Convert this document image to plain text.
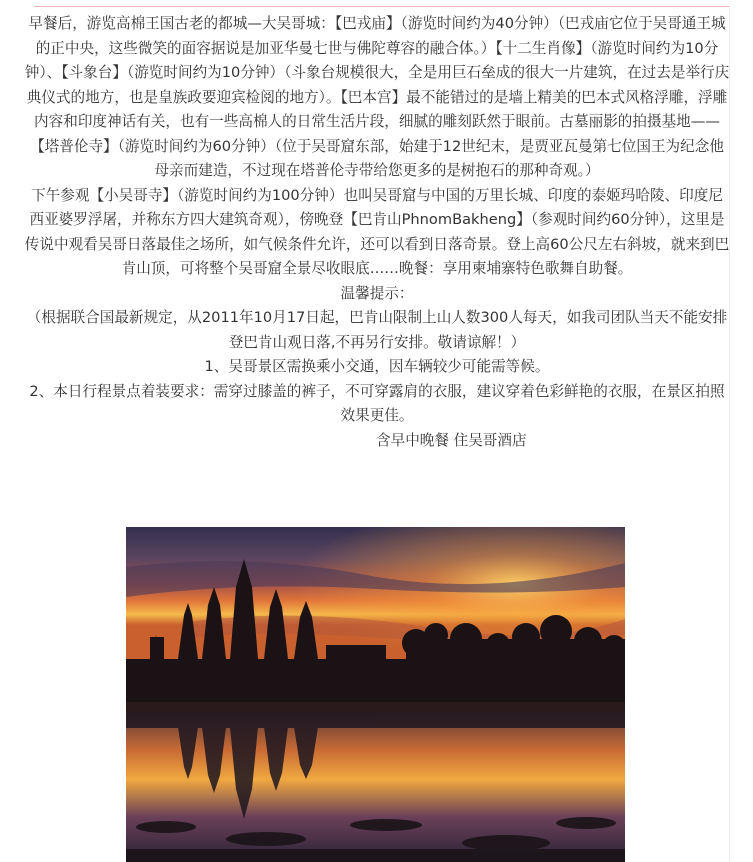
早餐后，游览高棉王国古老的都城—大吴哥城：【巴戎庙】（游览时间约为40分钟）（巴戎庙它位于吴哥通王城的正中央，这些微笑的面容据说是加亚华曼七世与佛陀尊容的融合体。）【十二生肖像】（游览时间约为10分钟）、【斗象台】（游览时间约为10分钟）（斗象台规模很大，全是用巨石垒成的很大一片建筑，在过去是举行庆典仪式的地方，也是皇族政要迎宾检阅的地方）。【巴本宫】最不能错过的是墙上精美的巴本式风格浮雕，浮雕内容和印度神话有关，也有一些高棉人的日常生活片段，细腻的雕刻跃然于眼前。古墓丽影的拍摄基地——【塔普伦寺】（游览时间约为60分钟）（位于吴哥窟东部，始建于12世纪末，是贾亚瓦曼第七位国王为纪念他母亲而建造，不过现在塔普伦寺带给您更多的是树抱石的那种奇观。）

下午参观【小吴哥寺】（游览时间约为100分钟）也叫吴哥窟与中国的万里长城、印度的泰姬玛哈陵、印度尼西亚婆罗浮屠，并称东方四大建筑奇观），傍晚登【巴肯山PhnomBakheng】（参观时间约60分钟），这里是传说中观看吴哥日落最佳之场所，如气候条件允许，还可以看到日落奇景。登上高60公尺左右斜坡，就来到巴肯山顶，可将整个吴哥窟全景尽收眼底……晚餐：享用柬埔寨特色歌舞自助餐。

温馨提示：

（根据联合国最新规定，从2011年10月17日起，巴肯山限制上山人数300人每天，如我司团队当天不能安排登巴肯山观日落,不再另行安排。敬请谅解！）

1、吴哥景区需换乘小交通，因车辆较少可能需等候。

2、本日行程景点着装要求：需穿过膝盖的裤子，不可穿露肩的衣服，建议穿着色彩鲜艳的衣服，在景区拍照效果更佳。

含早中晚餐 住吴哥酒店
